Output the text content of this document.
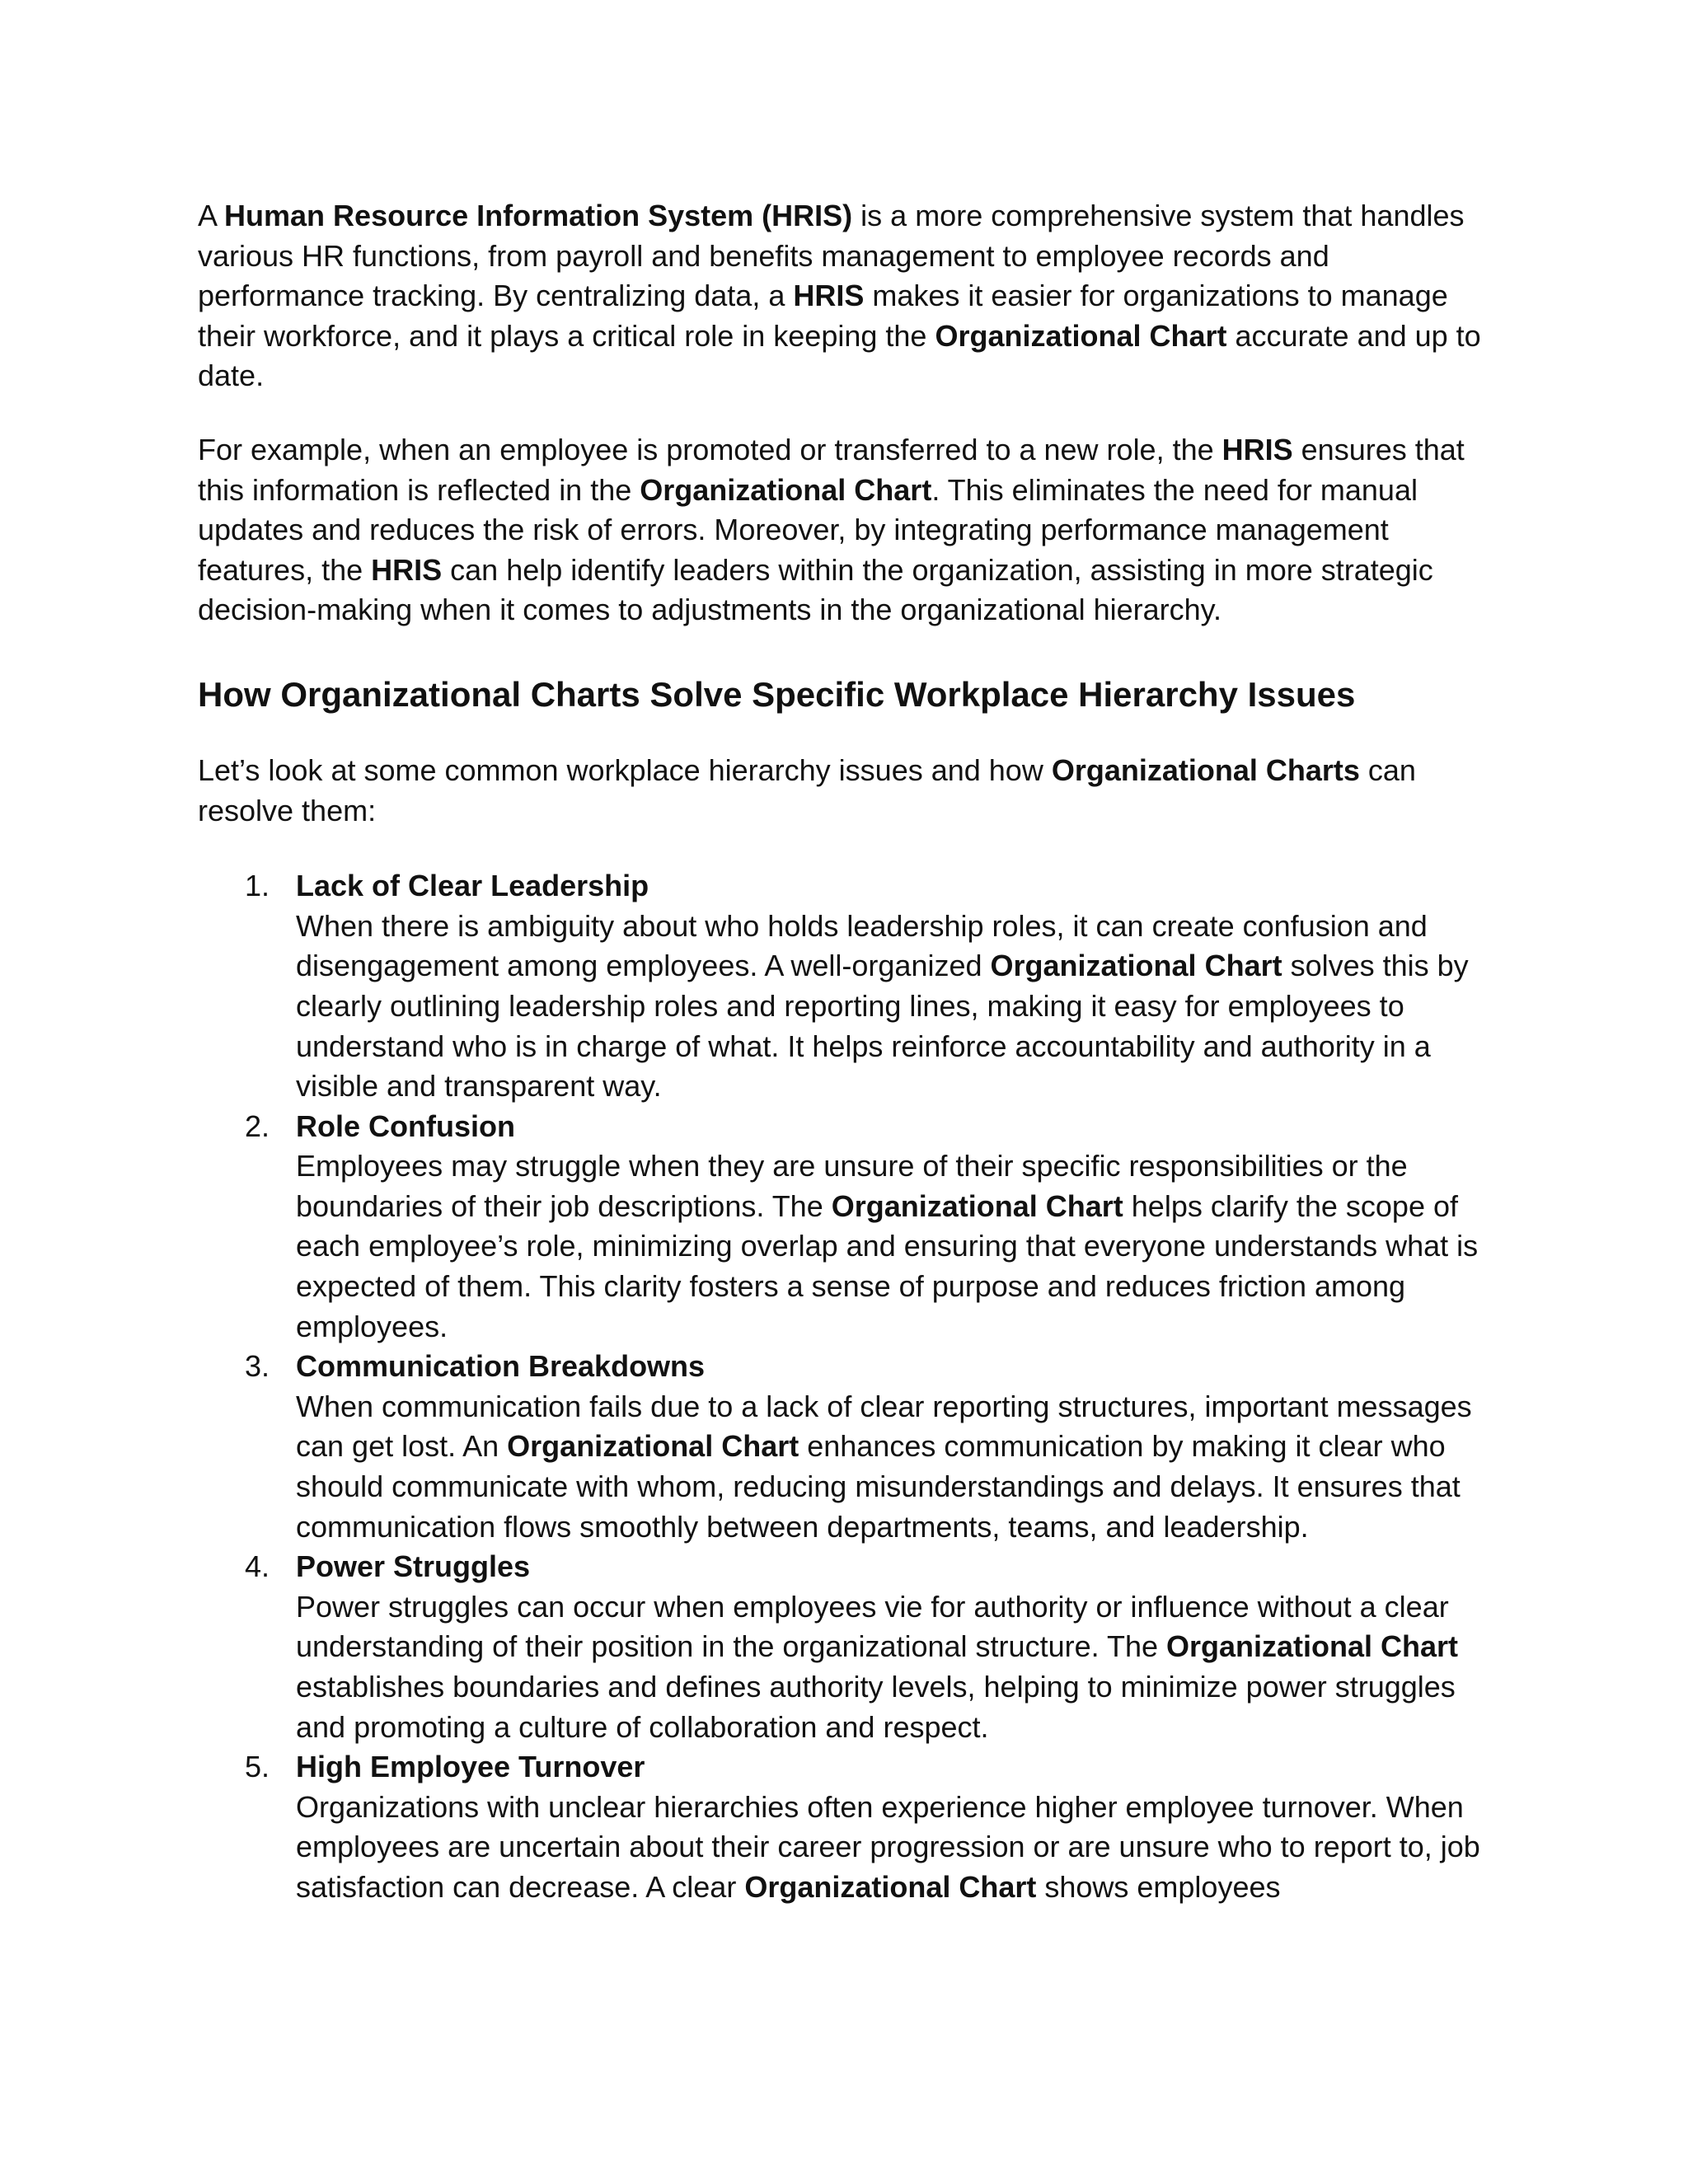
A Human Resource Information System (HRIS) is a more comprehensive system that handles various HR functions, from payroll and benefits management to employee records and performance tracking. By centralizing data, a HRIS makes it easier for organizations to manage their workforce, and it plays a critical role in keeping the Organizational Chart accurate and up to date.

For example, when an employee is promoted or transferred to a new role, the HRIS ensures that this information is reflected in the Organizational Chart. This eliminates the need for manual updates and reduces the risk of errors. Moreover, by integrating performance management features, the HRIS can help identify leaders within the organization, assisting in more strategic decision-making when it comes to adjustments in the organizational hierarchy.

How Organizational Charts Solve Specific Workplace Hierarchy Issues

Let’s look at some common workplace hierarchy issues and how Organizational Charts can resolve them:

1. Lack of Clear Leadership
When there is ambiguity about who holds leadership roles, it can create confusion and disengagement among employees. A well-organized Organizational Chart solves this by clearly outlining leadership roles and reporting lines, making it easy for employees to understand who is in charge of what. It helps reinforce accountability and authority in a visible and transparent way.
2. Role Confusion
Employees may struggle when they are unsure of their specific responsibilities or the boundaries of their job descriptions. The Organizational Chart helps clarify the scope of each employee’s role, minimizing overlap and ensuring that everyone understands what is expected of them. This clarity fosters a sense of purpose and reduces friction among employees.
3. Communication Breakdowns
When communication fails due to a lack of clear reporting structures, important messages can get lost. An Organizational Chart enhances communication by making it clear who should communicate with whom, reducing misunderstandings and delays. It ensures that communication flows smoothly between departments, teams, and leadership.
4. Power Struggles
Power struggles can occur when employees vie for authority or influence without a clear understanding of their position in the organizational structure. The Organizational Chart establishes boundaries and defines authority levels, helping to minimize power struggles and promoting a culture of collaboration and respect.
5. High Employee Turnover
Organizations with unclear hierarchies often experience higher employee turnover. When employees are uncertain about their career progression or are unsure who to report to, job satisfaction can decrease. A clear Organizational Chart shows employees
